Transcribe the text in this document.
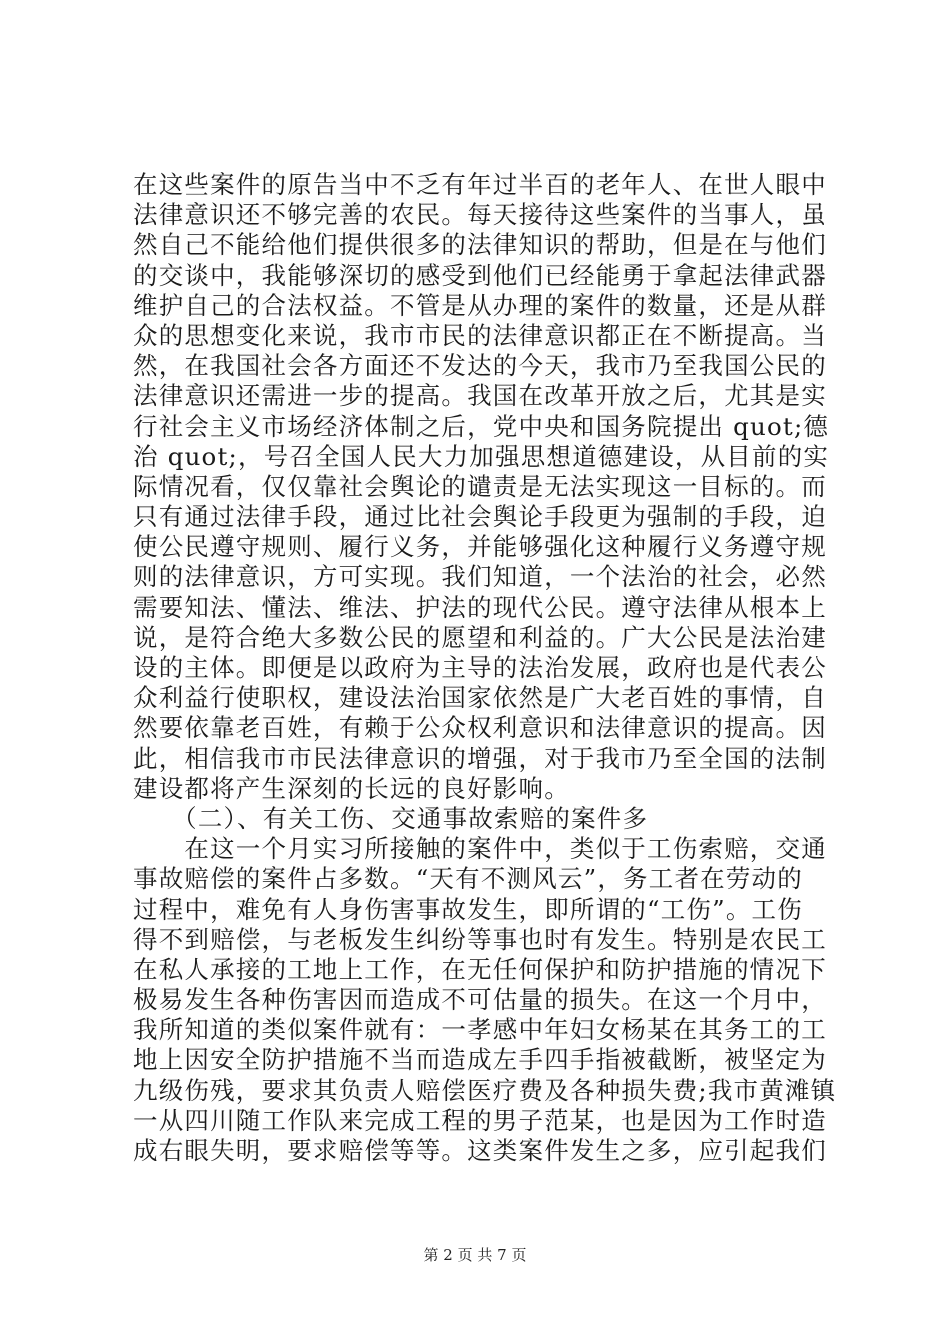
在这些案件的原告当中不乏有年过半百的老年人、在世人眼中
法律意识还不够完善的农民。每天接待这些案件的当事人，虽
然自己不能给他们提供很多的法律知识的帮助，但是在与他们
的交谈中，我能够深切的感受到他们已经能勇于拿起法律武器
维护自己的合法权益。不管是从办理的案件的数量，还是从群
众的思想变化来说，我市市民的法律意识都正在不断提高。当
然，在我国社会各方面还不发达的今天，我市乃至我国公民的
法律意识还需进一步的提高。我国在改革开放之后，尤其是实
行社会主义市场经济体制之后，党中央和国务院提出 quot;德
治 quot;，号召全国人民大力加强思想道德建设，从目前的实
际情况看，仅仅靠社会舆论的谴责是无法实现这一目标的。而
只有通过法律手段，通过比社会舆论手段更为强制的手段，迫
使公民遵守规则、履行义务，并能够强化这种履行义务遵守规
则的法律意识，方可实现。我们知道，一个法治的社会，必然
需要知法、懂法、维法、护法的现代公民。遵守法律从根本上
说，是符合绝大多数公民的愿望和利益的。广大公民是法治建
设的主体。即便是以政府为主导的法治发展，政府也是代表公
众利益行使职权，建设法治国家依然是广大老百姓的事情，自
然要依靠老百姓，有赖于公众权利意识和法律意识的提高。因
此，相信我市市民法律意识的增强，对于我市乃至全国的法制
建设都将产生深刻的长远的良好影响。
　　（二）、有关工伤、交通事故索赔的案件多
　　在这一个月实习所接触的案件中，类似于工伤索赔，交通
事故赔偿的案件占多数。“天有不测风云”，务工者在劳动的
过程中，难免有人身伤害事故发生，即所谓的“工伤”。工伤
得不到赔偿，与老板发生纠纷等事也时有发生。特别是农民工
在私人承接的工地上工作，在无任何保护和防护措施的情况下
极易发生各种伤害因而造成不可估量的损失。在这一个月中，
我所知道的类似案件就有：一孝感中年妇女杨某在其务工的工
地上因安全防护措施不当而造成左手四手指被截断，被坚定为
九级伤残，要求其负责人赔偿医疗费及各种损失费;我市黄滩镇
一从四川随工作队来完成工程的男子范某，也是因为工作时造
成右眼失明，要求赔偿等等。这类案件发生之多，应引起我们
第 2 页 共 7 页
